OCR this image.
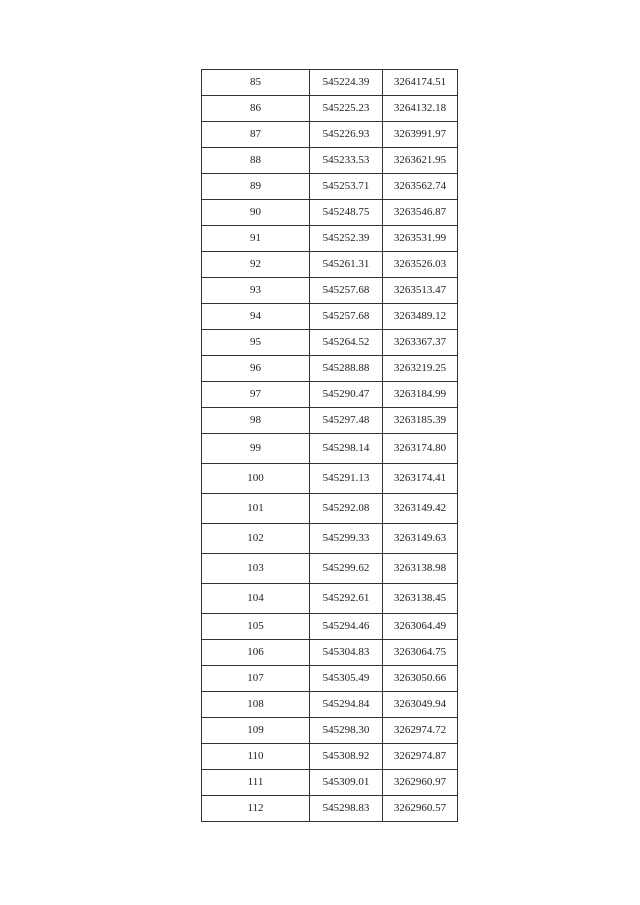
85	545224.39	3264174.51
86	545225.23	3264132.18
87	545226.93	3263991.97
88	545233.53	3263621.95
89	545253.71	3263562.74
90	545248.75	3263546.87
91	545252.39	3263531.99
92	545261.31	3263526.03
93	545257.68	3263513.47
94	545257.68	3263489.12
95	545264.52	3263367.37
96	545288.88	3263219.25
97	545290.47	3263184.99
98	545297.48	3263185.39
99	545298.14	3263174.80
100	545291.13	3263174.41
101	545292.08	3263149.42
102	545299.33	3263149.63
103	545299.62	3263138.98
104	545292.61	3263138.45
105	545294.46	3263064.49
106	545304.83	3263064.75
107	545305.49	3263050.66
108	545294.84	3263049.94
109	545298.30	3262974.72
110	545308.92	3262974.87
111	545309.01	3262960.97
112	545298.83	3262960.57
